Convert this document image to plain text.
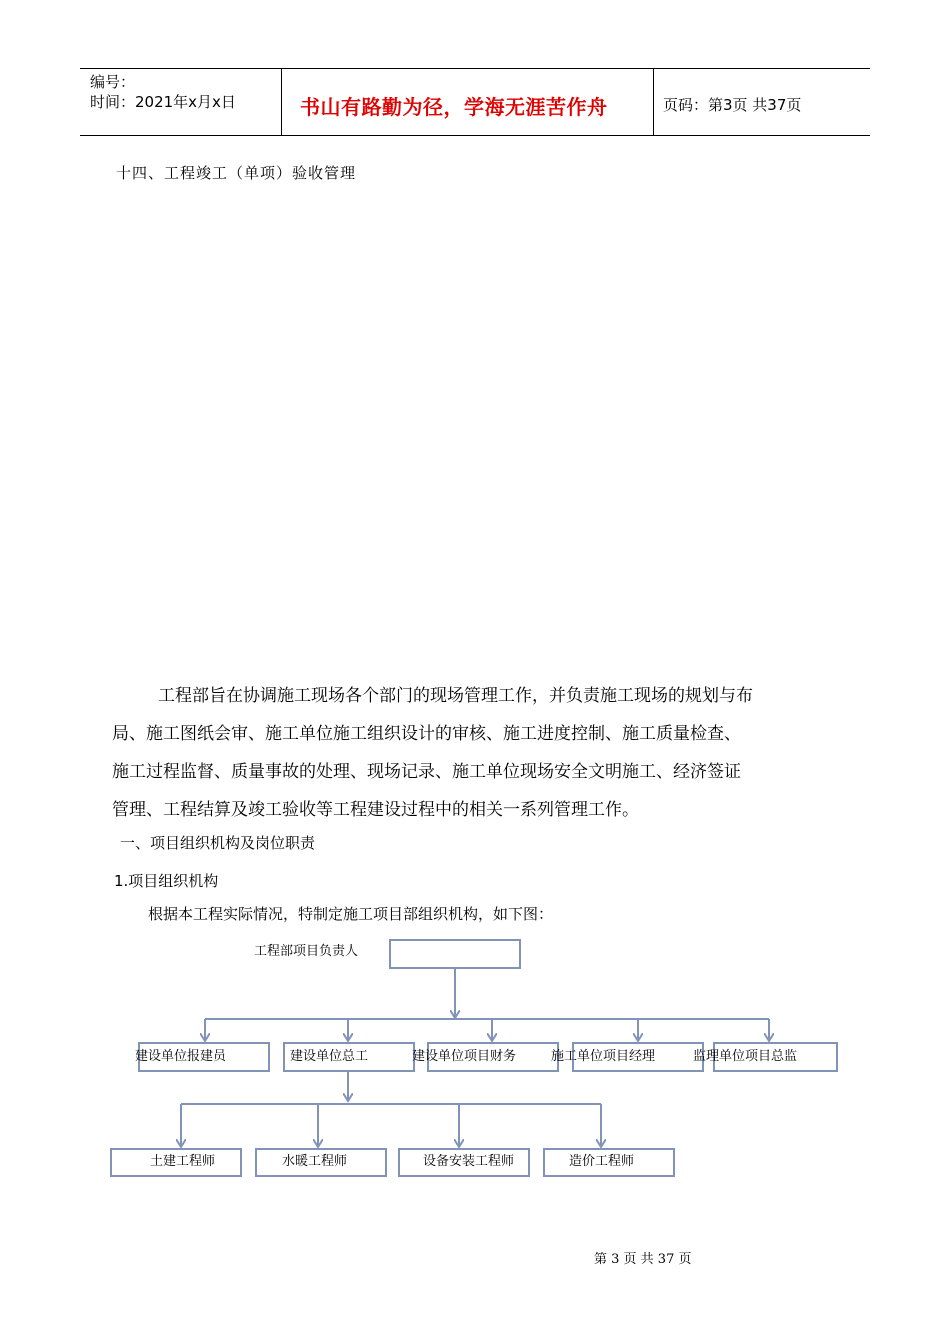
编号：
时间：2021年x月x日	书山有路勤为径，学海无涯苦作舟	页码：第3页 共37页
十四、工程竣工（单项）验收管理
工程部旨在协调施工现场各个部门的现场管理工作，并负责施工现场的规划与布
局、施工图纸会审、施工单位施工组织设计的审核、施工进度控制、施工质量检查、
施工过程监督、质量事故的处理、现场记录、施工单位现场安全文明施工、经济签证
管理、工程结算及竣工验收等工程建设过程中的相关一系列管理工作。
一、项目组织机构及岗位职责
1.项目组织机构
根据本工程实际情况，特制定施工项目部组织机构，如下图：
工程部项目负责人
建设单位报建员	建设单位总工	建设单位项目财务	施工单位项目经理	监理单位项目总监
土建工程师	水暖工程师	设备安装工程师	造价工程师
第 3 页 共 37 页
